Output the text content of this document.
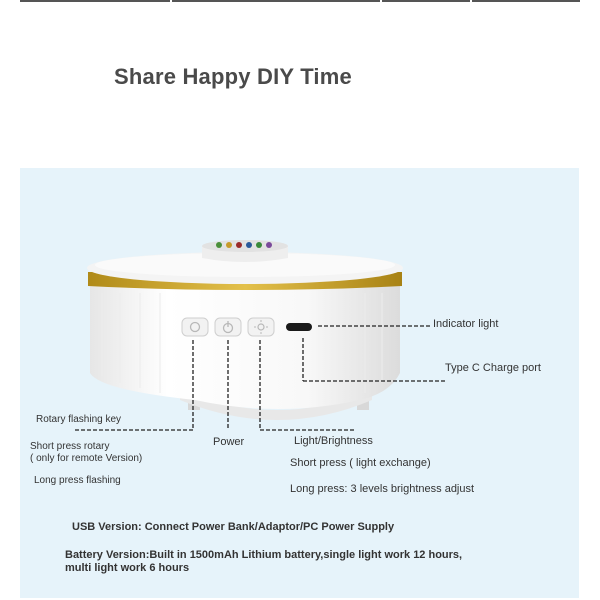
Share Happy DIY Time
Indicator light
Type C Charge port
Rotary flashing key
Short press rotary
( only for remote Version)
Long press flashing
Power	Light/Brightness
Short press ( light exchange)
Long press: 3 levels brightness adjust
USB Version: Connect Power Bank/Adaptor/PC Power Supply
Battery Version:Built in 1500mAh Lithium battery,single light work 12 hours,
multi light work 6 hours
